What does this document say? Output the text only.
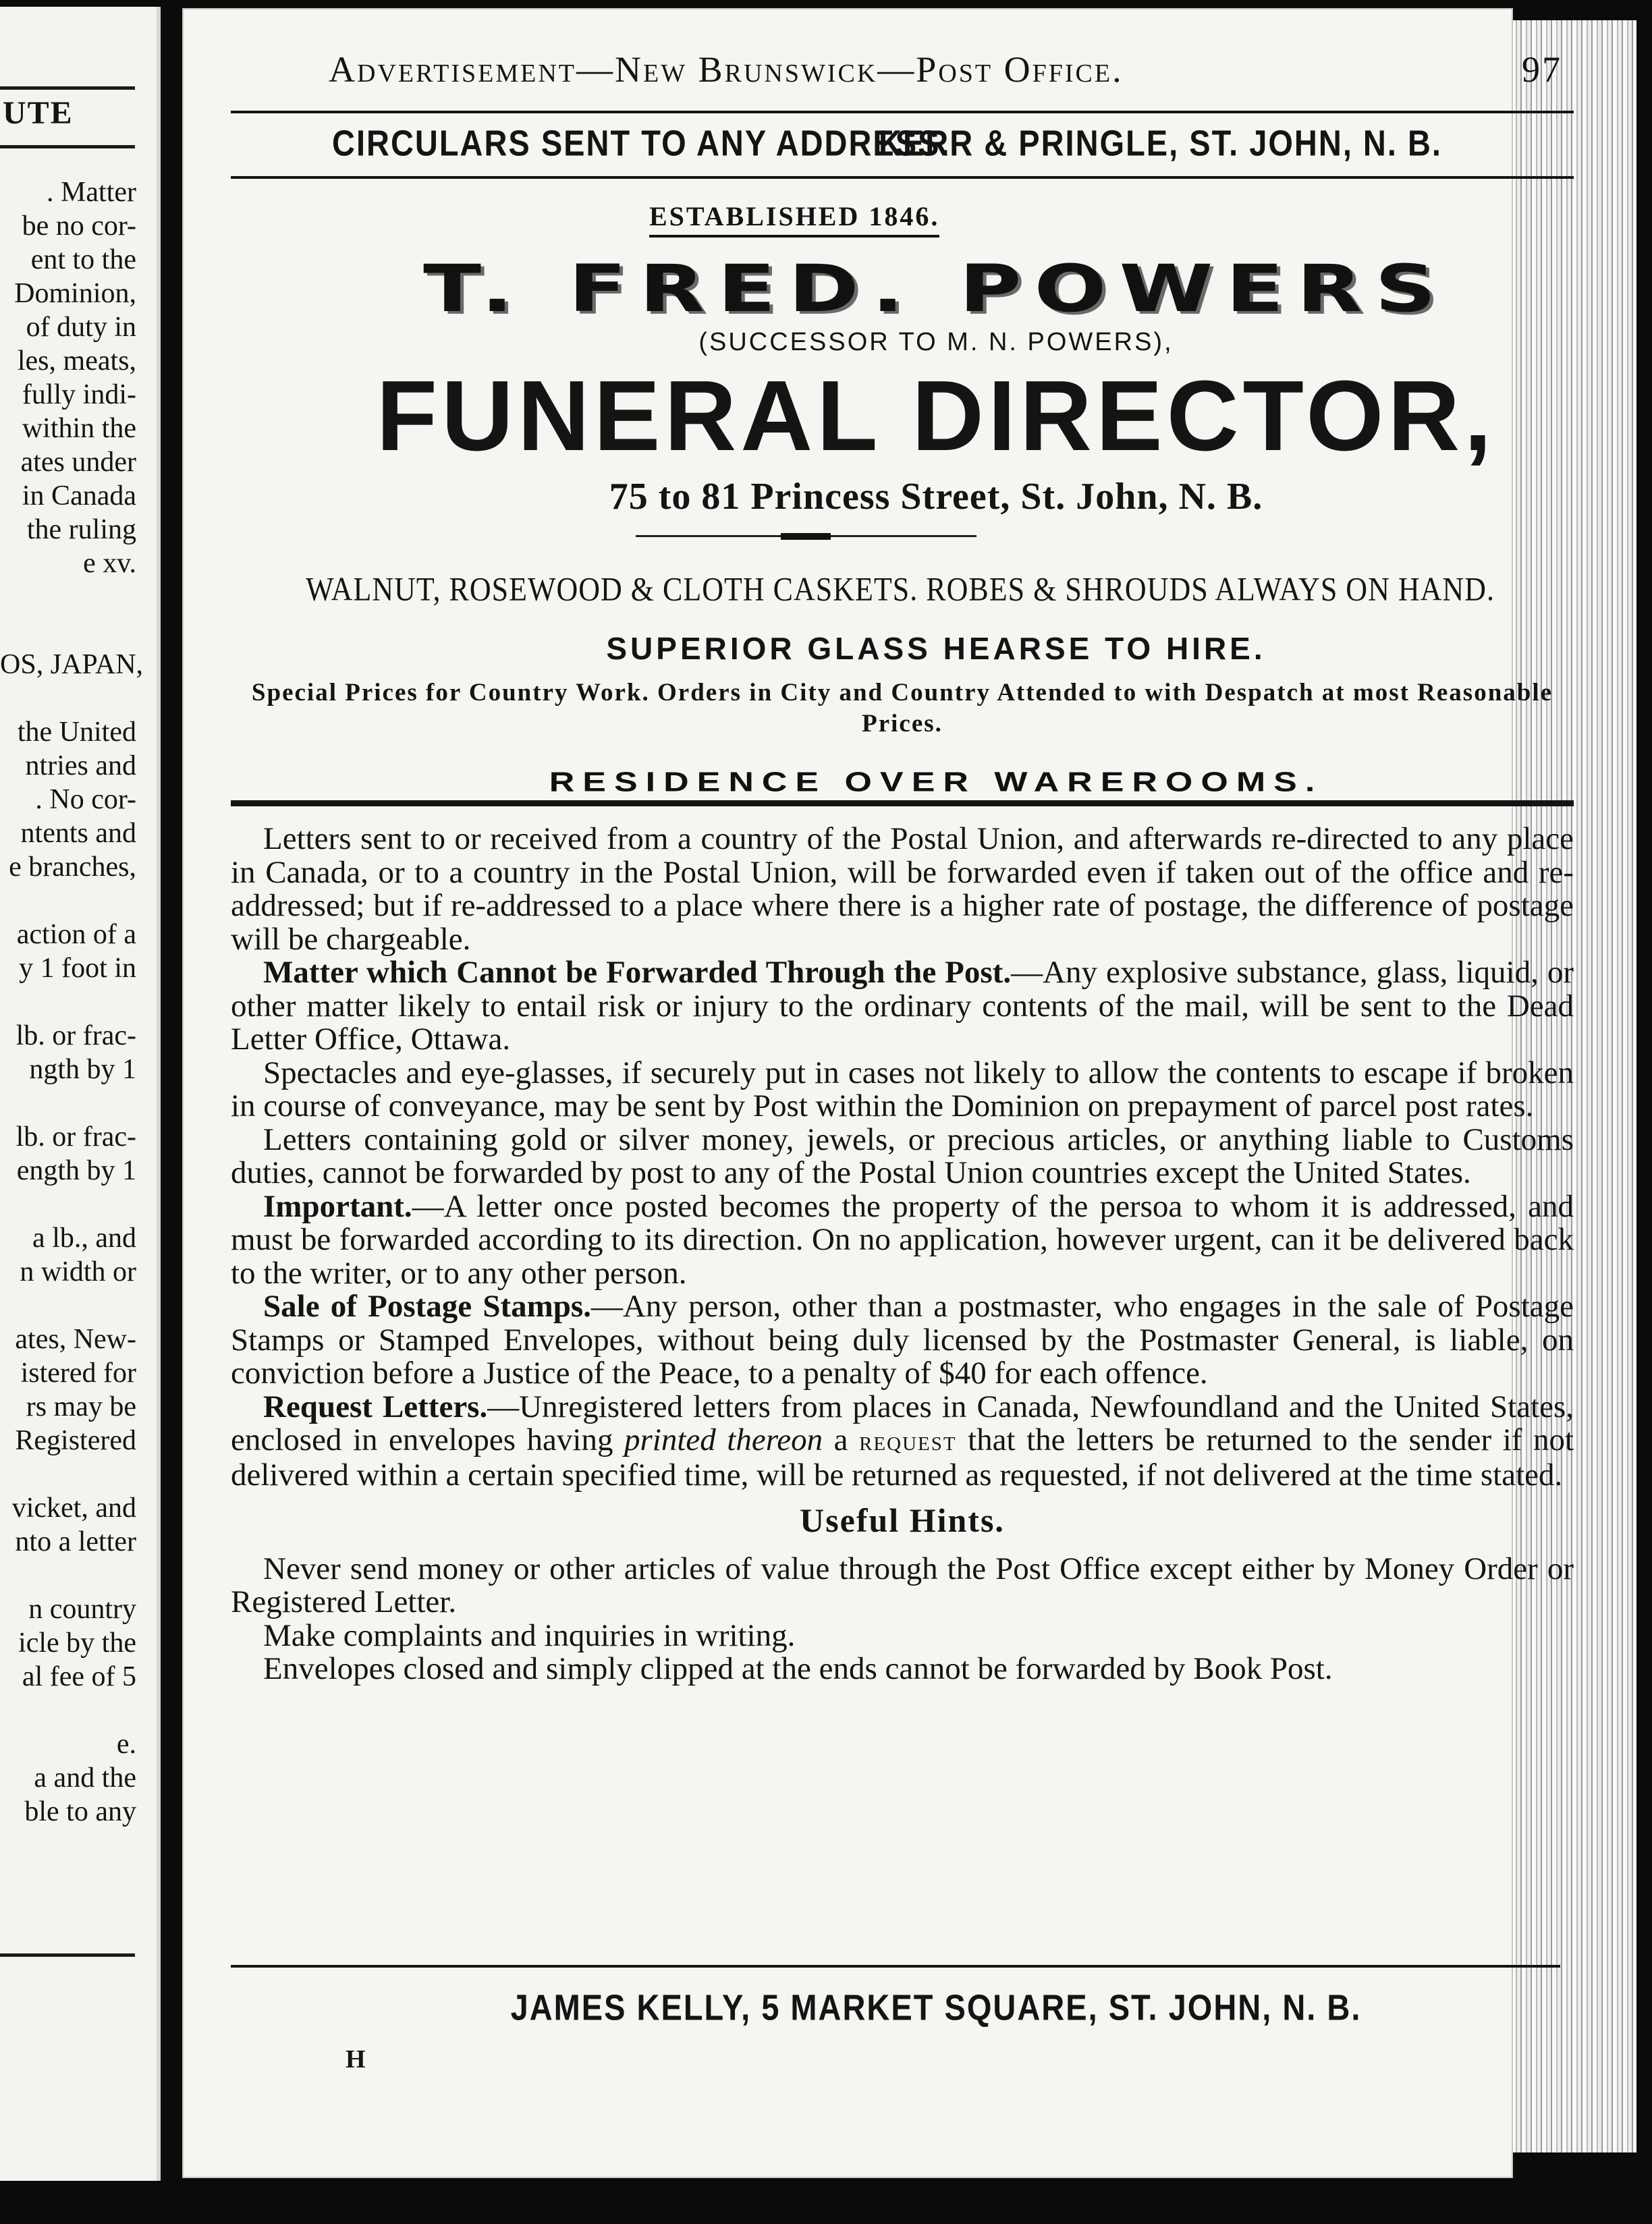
UTE
. Matter
be no cor-
ent to the
Dominion,
of duty in
les, meats,
fully indi-
within the
ates under
in Canada
the ruling
e xv.
OS, JAPAN,
the United
ntries and
. No cor-
ntents and
e branches,
action of a
y 1 foot in
lb. or frac-
ngth by 1
lb. or frac-
ength by 1
a lb., and
n width or
ates, New-
istered for
rs may be
Registered
vicket, and
nto a letter
n country
icle by the
al fee of 5
e.
a and the
ble to any
Advertisement—New Brunswick—Post Office.	97
CIRCULARS SENT TO ANY ADDRESS.
KERR & PRINGLE, ST. JOHN, N. B.
ESTABLISHED 1846.
T. FRED. POWERS
(SUCCESSOR TO M. N. POWERS),
FUNERAL DIRECTOR,
75 to 81 Princess Street, St. John, N. B.
WALNUT, ROSEWOOD & CLOTH CASKETS. ROBES & SHROUDS ALWAYS ON HAND.
SUPERIOR GLASS HEARSE TO HIRE.
Special Prices for Country Work. Orders in City and Country Attended to with Despatch at most Reasonable Prices.
RESIDENCE OVER WAREROOMS.

Letters sent to or received from a country of the Postal Union, and afterwards re-directed to any place in Canada, or to a country in the Postal Union, will be forwarded even if taken out of the office and re-addressed; but if re-addressed to a place where there is a higher rate of postage, the difference of postage will be chargeable.

Matter which Cannot be Forwarded Through the Post.—Any explosive substance, glass, liquid, or other matter likely to entail risk or injury to the ordinary contents of the mail, will be sent to the Dead Letter Office, Ottawa.

Spectacles and eye-glasses, if securely put in cases not likely to allow the contents to escape if broken in course of conveyance, may be sent by Post within the Dominion on prepayment of parcel post rates.

Letters containing gold or silver money, jewels, or precious articles, or anything liable to Customs duties, cannot be forwarded by post to any of the Postal Union countries except the United States.

Important.—A letter once posted becomes the property of the persoa to whom it is addressed, and must be forwarded according to its direction. On no application, however urgent, can it be delivered back to the writer, or to any other person.

Sale of Postage Stamps.—Any person, other than a postmaster, who engages in the sale of Postage Stamps or Stamped Envelopes, without being duly licensed by the Postmaster General, is liable, on conviction before a Justice of the Peace, to a penalty of $40 for each offence.

Request Letters.—Unregistered letters from places in Canada, Newfoundland and the United States, enclosed in envelopes having printed thereon a request that the letters be returned to the sender if not delivered within a certain specified time, will be returned as requested, if not delivered at the time stated.

Useful Hints.

Never send money or other articles of value through the Post Office except either by Money Order or Registered Letter.

Make complaints and inquiries in writing.

Envelopes closed and simply clipped at the ends cannot be forwarded by Book Post.

JAMES KELLY, 5 MARKET SQUARE, ST. JOHN, N. B.
H
